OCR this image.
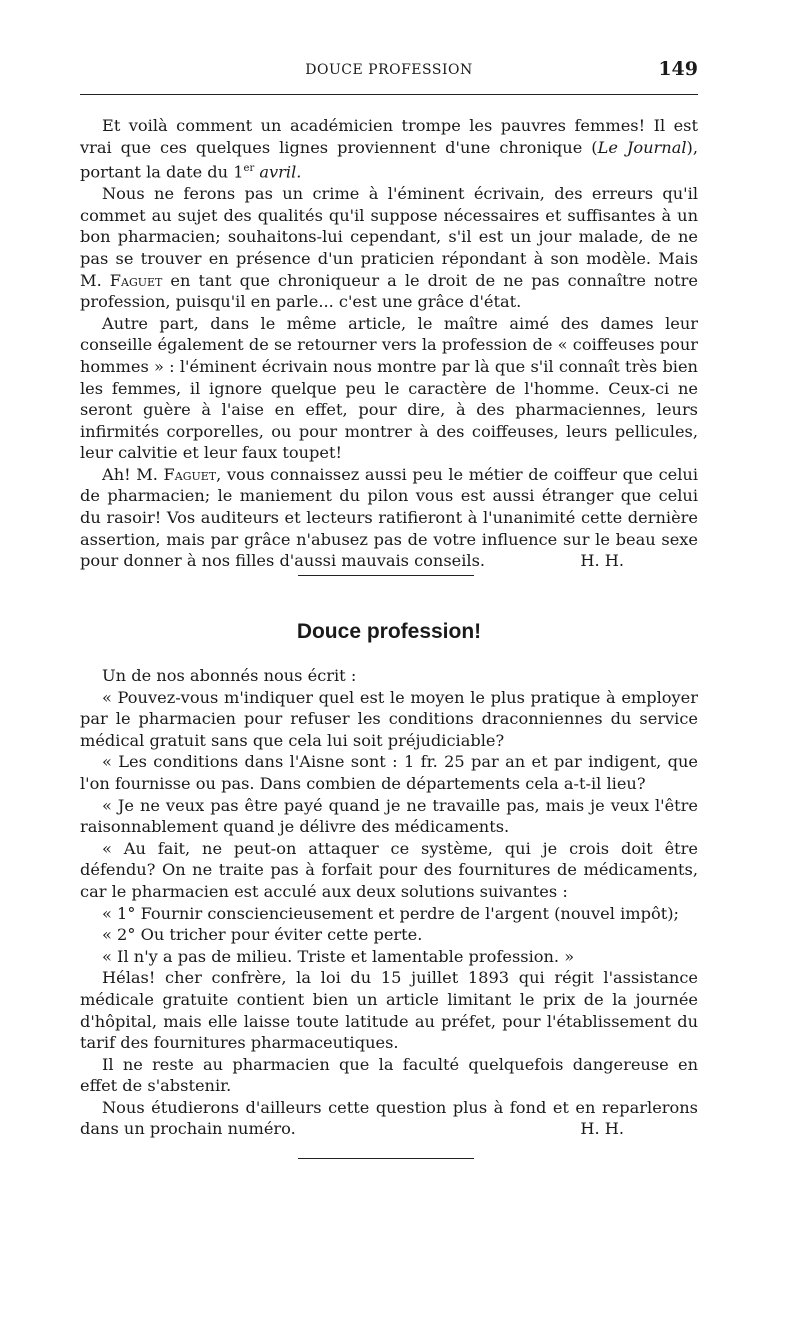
DOUCE PROFESSION	149

Et voilà comment un académicien trompe les pauvres femmes! Il est vrai que ces quelques lignes proviennent d'une chronique (Le Journal), portant la date du 1er avril.

Nous ne ferons pas un crime à l'éminent écrivain, des erreurs qu'il commet au sujet des qualités qu'il suppose nécessaires et suffisantes à un bon pharmacien; souhaitons-lui cependant, s'il est un jour malade, de ne pas se trouver en présence d'un praticien répondant à son modèle. Mais M. Faguet en tant que chroniqueur a le droit de ne pas connaître notre profession, puisqu'il en parle... c'est une grâce d'état.

Autre part, dans le même article, le maître aimé des dames leur conseille également de se retourner vers la profession de « coiffeuses pour hommes » : l'éminent écrivain nous montre par là que s'il connaît très bien les femmes, il ignore quelque peu le caractère de l'homme. Ceux-ci ne seront guère à l'aise en effet, pour dire, à des pharmaciennes, leurs infirmités corporelles, ou pour montrer à des coiffeuses, leurs pellicules, leur calvitie et leur faux toupet!

Ah! M. Faguet, vous connaissez aussi peu le métier de coiffeur que celui de pharmacien; le maniement du pilon vous est aussi étranger que celui du rasoir! Vos auditeurs et lecteurs ratifieront à l'unanimité cette dernière assertion, mais par grâce n'abusez pas de votre influence sur le beau sexe pour donner à nos filles d'aussi mauvais conseils.	H. H.

Douce profession!

Un de nos abonnés nous écrit :

« Pouvez-vous m'indiquer quel est le moyen le plus pratique à employer par le pharmacien pour refuser les conditions draconniennes du service médical gratuit sans que cela lui soit préjudiciable?

« Les conditions dans l'Aisne sont : 1 fr. 25 par an et par indigent, que l'on fournisse ou pas. Dans combien de départements cela a-t-il lieu?

« Je ne veux pas être payé quand je ne travaille pas, mais je veux l'être raisonnablement quand je délivre des médicaments.

« Au fait, ne peut-on attaquer ce système, qui je crois doit être défendu? On ne traite pas à forfait pour des fournitures de médicaments, car le pharmacien est acculé aux deux solutions suivantes :

« 1° Fournir consciencieusement et perdre de l'argent (nouvel impôt);

« 2° Ou tricher pour éviter cette perte.

« Il n'y a pas de milieu. Triste et lamentable profession. »

Hélas! cher confrère, la loi du 15 juillet 1893 qui régit l'assistance médicale gratuite contient bien un article limitant le prix de la journée d'hôpital, mais elle laisse toute latitude au préfet, pour l'établissement du tarif des fournitures pharmaceutiques.

Il ne reste au pharmacien que la faculté quelquefois dangereuse en effet de s'abstenir.

Nous étudierons d'ailleurs cette question plus à fond et en reparlerons dans un prochain numéro.	H. H.
